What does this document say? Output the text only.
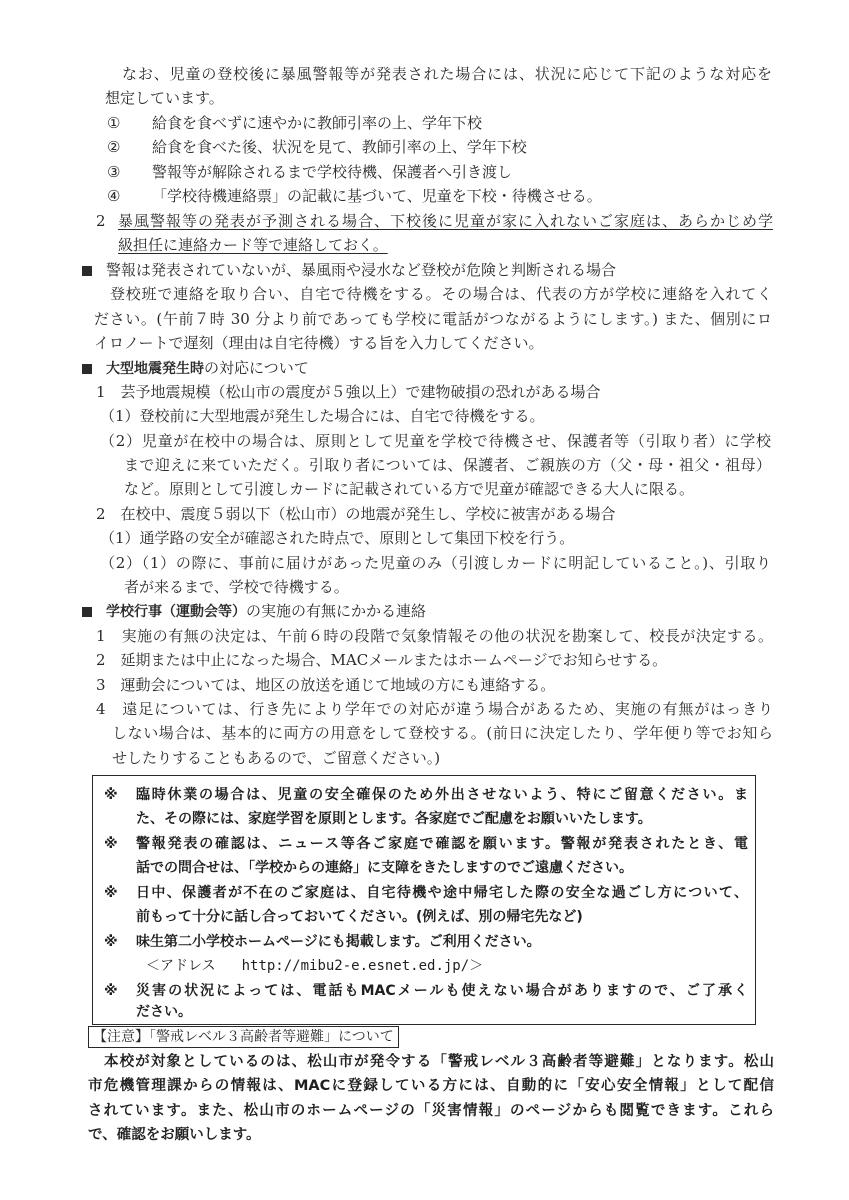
なお、児童の登校後に暴風警報等が発表された場合には、状況に応じて下記のような対応を
想定しています。
① 給食を食べずに速やかに教師引率の上、学年下校
② 給食を食べた後、状況を見て、教師引率の上、学年下校
③ 警報等が解除されるまで学校待機、保護者へ引き渡し
④ 「学校待機連絡票」の記載に基づいて、児童を下校・待機させる。
2 暴風警報等の発表が予測される場合、下校後に児童が家に入れないご家庭は、あらかじめ学
級担任に連絡カード等で連絡しておく。
警報は発表されていないが、暴風雨や浸水など登校が危険と判断される場合
登校班で連絡を取り合い、自宅で待機をする。その場合は、代表の方が学校に連絡を入れてく
ださい。(午前７時 30 分より前であっても学校に電話がつながるようにします。) また、個別にロ
イロノートで遅刻（理由は自宅待機）する旨を入力してください。
大型地震発生時の対応について
1　芸予地震規模（松山市の震度が５強以上）で建物破損の恐れがある場合
（1）登校前に大型地震が発生した場合には、自宅で待機をする。
（2）児童が在校中の場合は、原則として児童を学校で待機させ、保護者等（引取り者）に学校
まで迎えに来ていただく。引取り者については、保護者、ご親族の方（父・母・祖父・祖母）
など。原則として引渡しカードに記載されている方で児童が確認できる大人に限る。
2　在校中、震度５弱以下（松山市）の地震が発生し、学校に被害がある場合
（1）通学路の安全が確認された時点で、原則として集団下校を行う。
（2）（1）の際に、事前に届けがあった児童のみ（引渡しカードに明記していること。)、引取り
者が来るまで、学校で待機する。
学校行事（運動会等）の実施の有無にかかる連絡
1　実施の有無の決定は、午前６時の段階で気象情報その他の状況を勘案して、校長が決定する。
2　延期または中止になった場合、MACメールまたはホームページでお知らせする。
3　運動会については、地区の放送を通じて地域の方にも連絡する。
4　遠足については、行き先により学年での対応が違う場合があるため、実施の有無がはっきり
しない場合は、基本的に両方の用意をして登校する。(前日に決定したり、学年便り等でお知ら
せしたりすることもあるので、ご留意ください。)
※ 臨時休業の場合は、児童の安全確保のため外出させないよう、特にご留意ください。ま
た、その際には、家庭学習を原則とします。各家庭でご配慮をお願いいたします。
※ 警報発表の確認は、ニュース等各ご家庭で確認を願います。警報が発表されたとき、電
話での問合せは、「学校からの連絡」に支障をきたしますのでご遠慮ください。
※ 日中、保護者が不在のご家庭は、自宅待機や途中帰宅した際の安全な過ごし方について、
前もって十分に話し合っておいてください。(例えば、別の帰宅先など)
※ 味生第二小学校ホームページにも掲載します。ご利用ください。
＜アドレス http://mibu2-e.esnet.ed.jp/＞
※ 災害の状況によっては、電話もMACメールも使えない場合がありますので、ご了承く
ださい。
【注意】「警戒レベル３高齢者等避難」について
本校が対象としているのは、松山市が発令する「警戒レベル３高齢者等避難」となります。松山
市危機管理課からの情報は、MACに登録している方には、自動的に「安心安全情報」として配信
されています。また、松山市のホームページの「災害情報」のページからも閲覧できます。これら
で、確認をお願いします。
